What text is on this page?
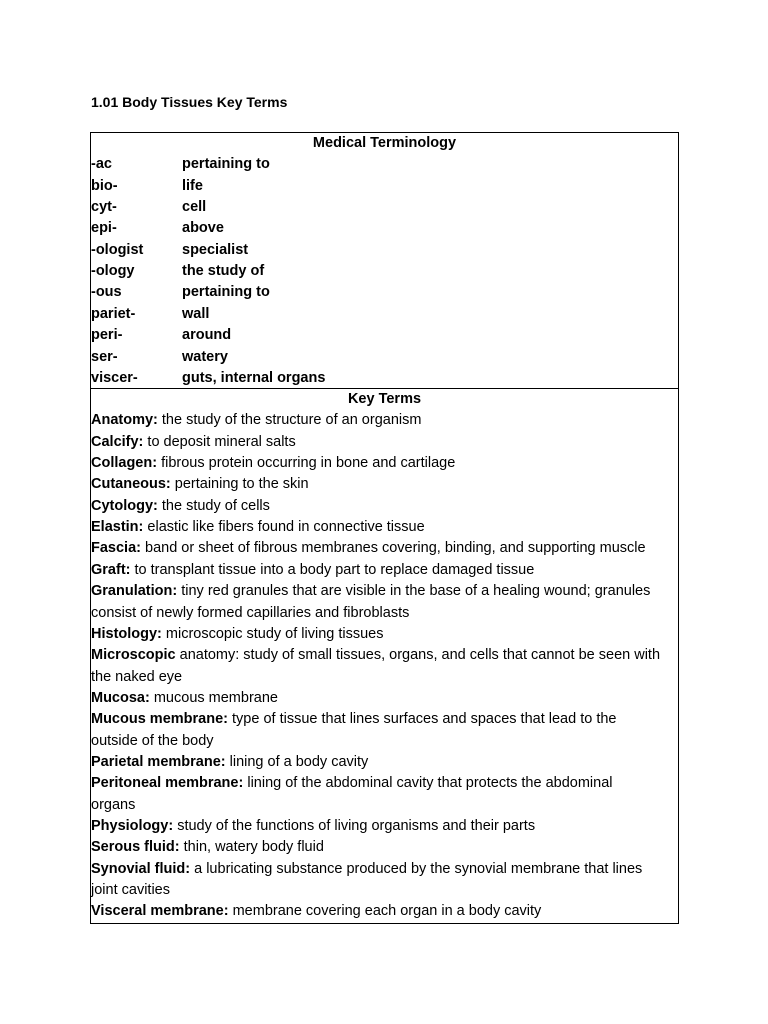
1.01 Body Tissues Key Terms
Medical Terminology
-ac	pertaining to
bio-	life
cyt-	cell
epi-	above
-ologist	specialist
-ology	the study of
-ous	pertaining to
pariet-	wall
peri-	around
ser-	watery
viscer-	guts, internal organs
Key Terms
Anatomy: the study of the structure of an organism
Calcify: to deposit mineral salts
Collagen: fibrous protein occurring in bone and cartilage
Cutaneous: pertaining to the skin
Cytology: the study of cells
Elastin: elastic like fibers found in connective tissue
Fascia: band or sheet of fibrous membranes covering, binding, and supporting muscle
Graft: to transplant tissue into a body part to replace damaged tissue
Granulation: tiny red granules that are visible in the base of a healing wound; granules
consist of newly formed capillaries and fibroblasts
Histology: microscopic study of living tissues
Microscopic anatomy: study of small tissues, organs, and cells that cannot be seen with
the naked eye
Mucosa: mucous membrane
Mucous membrane: type of tissue that lines surfaces and spaces that lead to the
outside of the body
Parietal membrane: lining of a body cavity
Peritoneal membrane: lining of the abdominal cavity that protects the abdominal
organs
Physiology: study of the functions of living organisms and their parts
Serous fluid: thin, watery body fluid
Synovial fluid: a lubricating substance produced by the synovial membrane that lines
joint cavities
Visceral membrane: membrane covering each organ in a body cavity
